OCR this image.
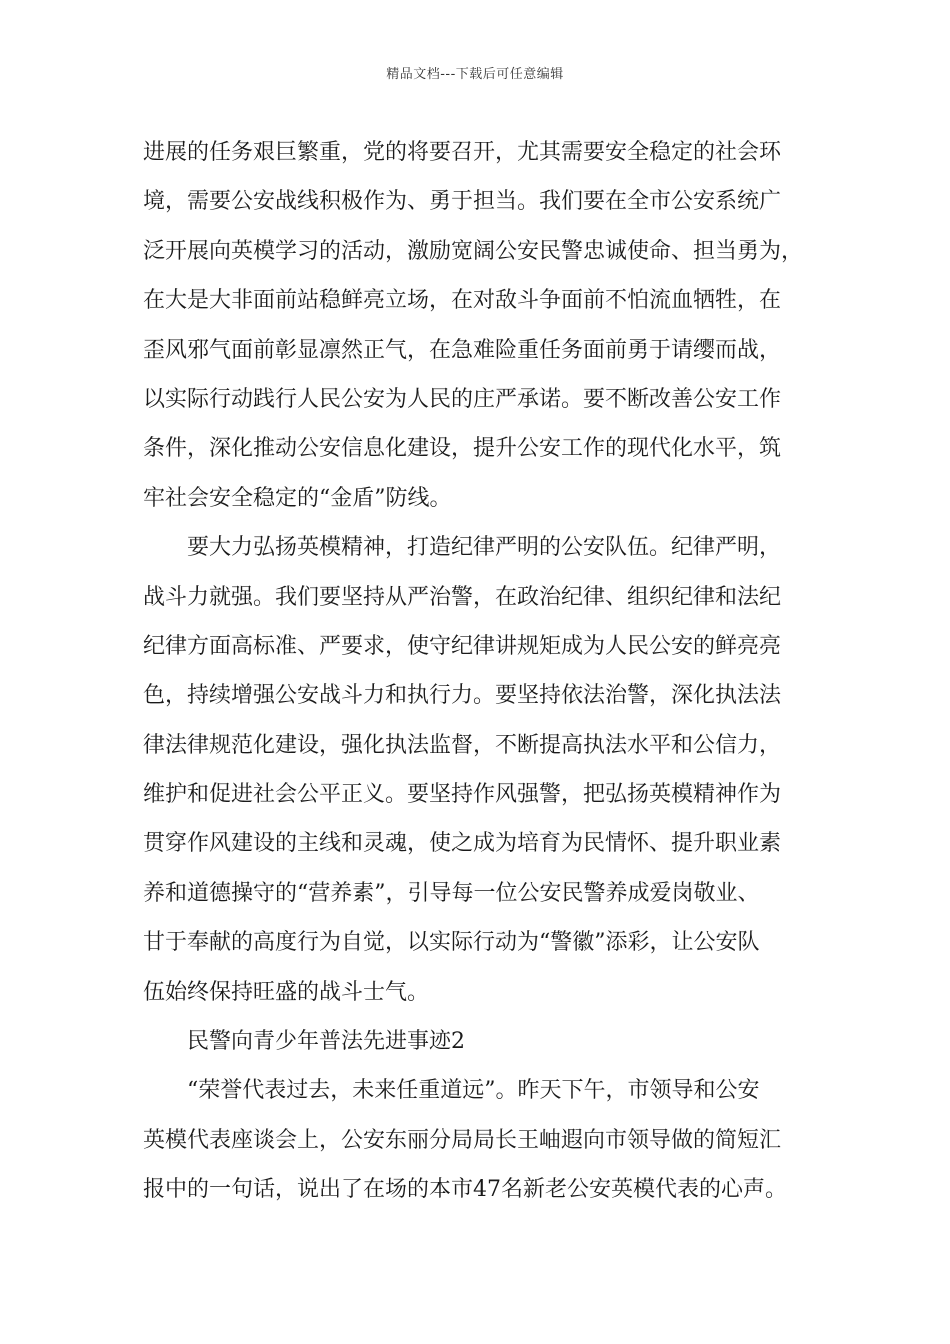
精品文档---下载后可任意编辑
进展的任务艰巨繁重，党的将要召开，尤其需要安全稳定的社会环
境，需要公安战线积极作为、勇于担当。我们要在全市公安系统广
泛开展向英模学习的活动，激励宽阔公安民警忠诚使命、担当勇为，
在大是大非面前站稳鲜亮立场，在对敌斗争面前不怕流血牺牲，在
歪风邪气面前彰显凛然正气，在急难险重任务面前勇于请缨而战，
以实际行动践行人民公安为人民的庄严承诺。要不断改善公安工作
条件，深化推动公安信息化建设，提升公安工作的现代化水平，筑
牢社会安全稳定的“金盾”防线。
要大力弘扬英模精神，打造纪律严明的公安队伍。纪律严明，
战斗力就强。我们要坚持从严治警，在政治纪律、组织纪律和法纪
纪律方面高标准、严要求，使守纪律讲规矩成为人民公安的鲜亮亮
色，持续增强公安战斗力和执行力。要坚持依法治警，深化执法法
律法律规范化建设，强化执法监督，不断提高执法水平和公信力，
维护和促进社会公平正义。要坚持作风强警，把弘扬英模精神作为
贯穿作风建设的主线和灵魂，使之成为培育为民情怀、提升职业素
养和道德操守的“营养素”，引导每一位公安民警养成爱岗敬业、
甘于奉献的高度行为自觉，以实际行动为“警徽”添彩，让公安队
伍始终保持旺盛的战斗士气。
民警向青少年普法先进事迹2
“荣誉代表过去，未来任重道远”。昨天下午，市领导和公安
英模代表座谈会上，公安东丽分局局长王岫遐向市领导做的简短汇
报中的一句话，说出了在场的本市47名新老公安英模代表的心声。
